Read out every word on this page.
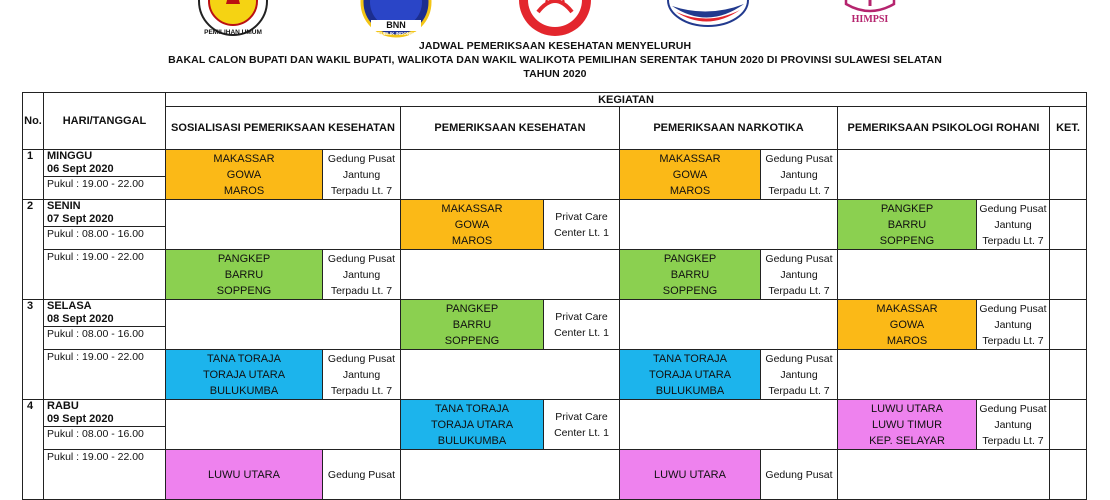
PEMILIHAN UMUM
BNN
REPUBLIK INDONESIA
HIMPSI
JADWAL PEMERIKSAAN KESEHATAN MENYELURUH
BAKAL CALON BUPATI DAN WAKIL BUPATI, WALIKOTA DAN WAKIL WALIKOTA PEMILIHAN SERENTAK TAHUN 2020 DI PROVINSI SULAWESI SELATAN
TAHUN 2020
No.	HARI/TANGGAL	KEGIATAN								
		SOSIALISASI PEMERIKSAAN KESEHATAN		PEMERIKSAAN KESEHATAN		PEMERIKSAAN NARKOTIKA		PEMERIKSAAN PSIKOLOGI ROHANI		KET.
1	MINGGU
06 Sept 2020
Pukul : 19.00 - 22.00	MAKASSAR
GOWA
MAROS	Gedung Pusat
Jantung
Terpadu Lt. 7			MAKASSAR
GOWA
MAROS	Gedung Pusat
Jantung
Terpadu Lt. 7			

2	SENIN
07 Sept 2020
Pukul : 08.00 - 16.00			MAKASSAR
GOWA
MAROS	Privat Care
Center Lt. 1			PANGKEP
BARRU
SOPPENG	Gedung Pusat
Jantung
Terpadu Lt. 7	

	Pukul : 19.00 - 22.00	PANGKEP
BARRU
SOPPENG	Gedung Pusat
Jantung
Terpadu Lt. 7			PANGKEP
BARRU
SOPPENG	Gedung Pusat
Jantung
Terpadu Lt. 7			

3	SELASA
08 Sept 2020
Pukul : 08.00 - 16.00			PANGKEP
BARRU
SOPPENG	Privat Care
Center Lt. 1			MAKASSAR
GOWA
MAROS	Gedung Pusat
Jantung
Terpadu Lt. 7	

	Pukul : 19.00 - 22.00	TANA TORAJA
TORAJA UTARA
BULUKUMBA	Gedung Pusat
Jantung
Terpadu Lt. 7			TANA TORAJA
TORAJA UTARA
BULUKUMBA	Gedung Pusat
Jantung
Terpadu Lt. 7			

4	RABU
09 Sept 2020
Pukul : 08.00 - 16.00			TANA TORAJA
TORAJA UTARA
BULUKUMBA	Privat Care
Center Lt. 1			LUWU UTARA
LUWU TIMUR
KEP. SELAYAR	Gedung Pusat
Jantung
Terpadu Lt. 7	

	Pukul : 19.00 - 22.00	LUWU UTARA	Gedung Pusat			LUWU UTARA	Gedung Pusat			
